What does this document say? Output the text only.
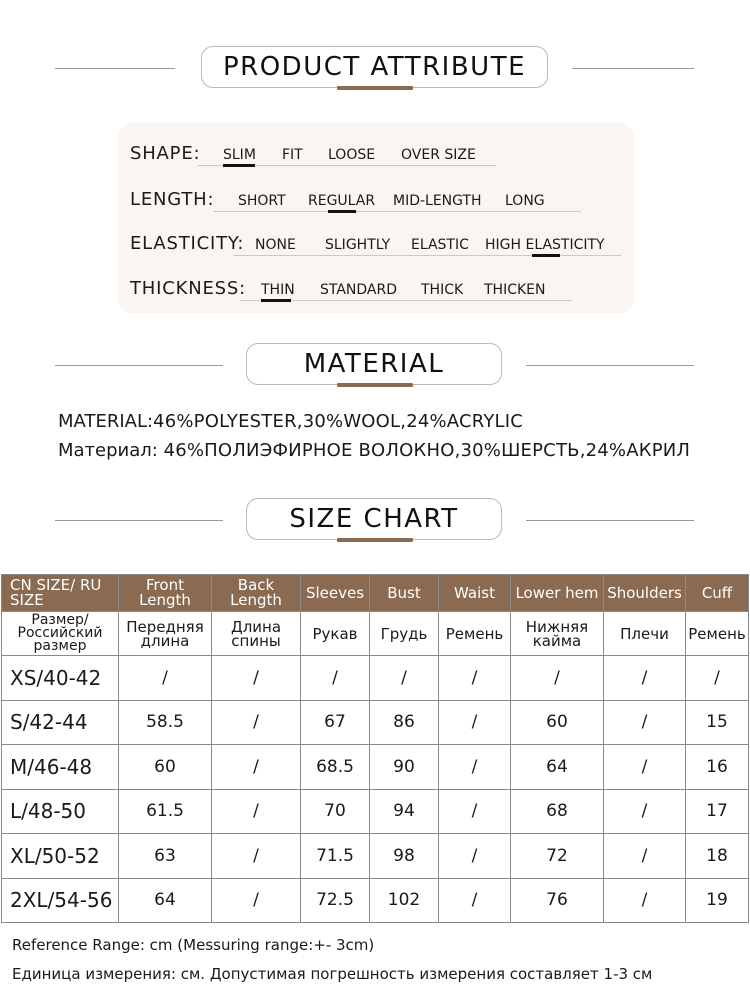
PRODUCT ATTRIBUTE
SHAPE: SLIM FIT LOOSE OVER SIZE
LENGTH: SHORT REGULAR MID-LENGTH LONG
ELASTICITY: NONE SLIGHTLY ELASTIC HIGH ELASTICITY
THICKNESS: THIN STANDARD THICK THICKEN
MATERIAL
MATERIAL:46%POLYESTER,30%WOOL,24%ACRYLIC
Материал: 46%ПОЛИЭФИРНОЕ ВОЛОКНО,30%ШЕРСТЬ,24%АКРИЛ
SIZE CHART
CN SIZE/ RU SIZE	Front Length	Back Length	Sleeves	Bust	Waist	Lower hem	Shoulders	Cuff
Размер/ Российский размер	Передняя длина	Длина спины	Рукав	Грудь	Ремень	Нижняя кайма	Плечи	Ремень
XS/40-42	/	/	/	/	/	/	/	/
S/42-44	58.5	/	67	86	/	60	/	15
M/46-48	60	/	68.5	90	/	64	/	16
L/48-50	61.5	/	70	94	/	68	/	17
XL/50-52	63	/	71.5	98	/	72	/	18
2XL/54-56	64	/	72.5	102	/	76	/	19
Reference Range: cm (Messuring range:+- 3cm)
Единица измерения: см. Допустимая погрешность измерения составляет 1-3 см
